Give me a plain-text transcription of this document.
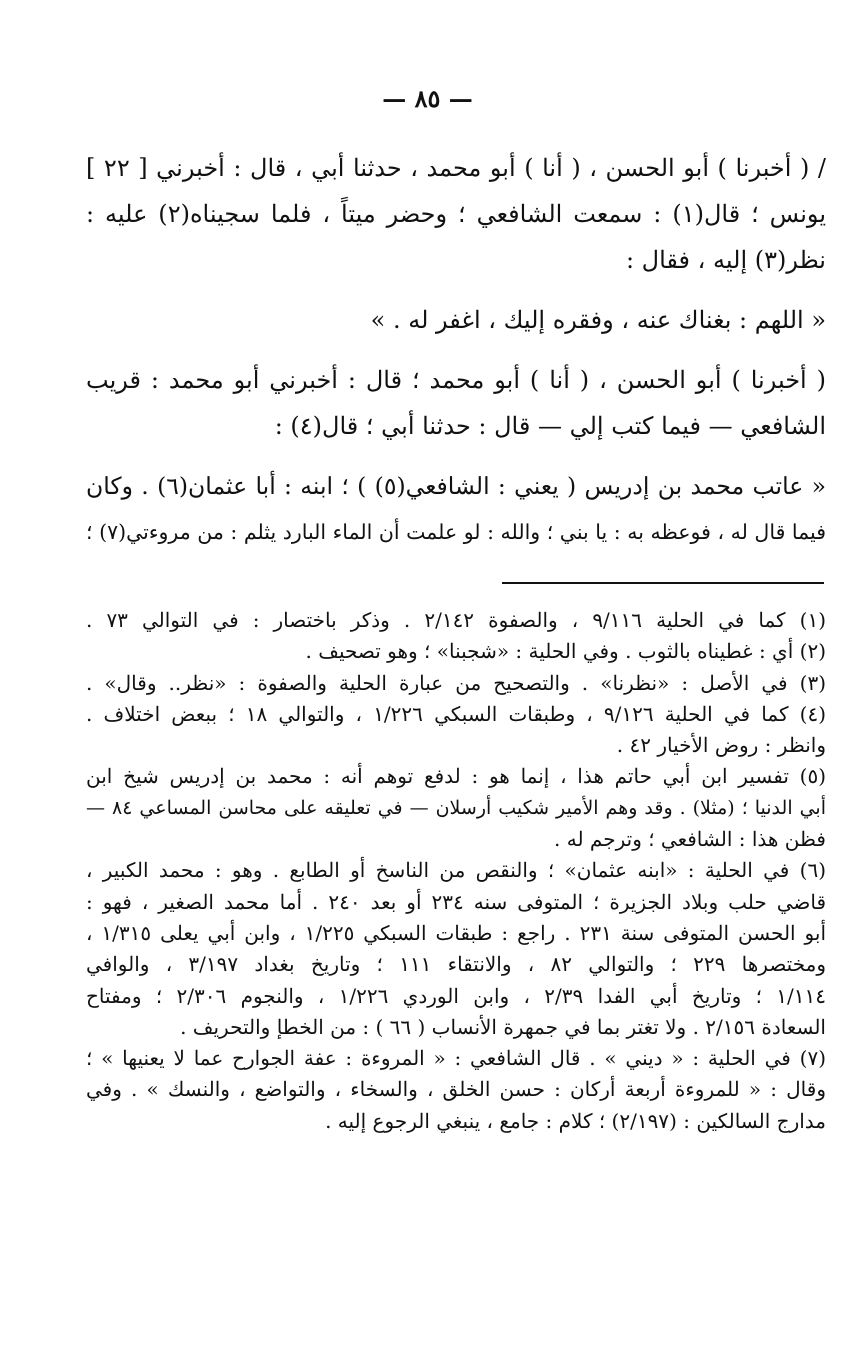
— ٨٥ —
/ ( أخبرنا ) أبو الحسن ، ( أنا ) أبو محمد ، حدثنا أبي ، قال : أخبرني [ ٢٢ ]
يونس ؛ قال(١) : سمعت الشافعي ؛ وحضر ميتاً ، فلما سجيناه(٢) عليه :
نظر(٣) إليه ، فقال :
« اللهم : بغناك عنه ، وفقره إليك ، اغفر له . »
( أخبرنا ) أبو الحسن ، ( أنا ) أبو محمد ؛ قال : أخبرني أبو محمد : قريب
الشافعي — فيما كتب إلي — قال : حدثنا أبي ؛ قال(٤) :
« عاتب محمد بن إدريس ( يعني : الشافعي(٥) ) ؛ ابنه : أبا عثمان(٦) . وكان
فيما قال له ، فوعظه به : يا بني ؛ والله : لو علمت أن الماء البارد يثلم : من مروءتي(٧) ؛
(١) كما في الحلية ٩/١١٦ ، والصفوة ٢/١٤٢ . وذكر باختصار : في التوالي ٧٣ .
(٢) أي : غطيناه بالثوب . وفي الحلية : «شجبنا» ؛ وهو تصحيف .
(٣) في الأصل : «نظرنا» . والتصحيح من عبارة الحلية والصفوة : «نظر.. وقال» .
(٤) كما في الحلية ٩/١٢٦ ، وطبقات السبكي ١/٢٢٦ ، والتوالي ١٨ ؛ ببعض اختلاف .
وانظر : روض الأخيار ٤٢ .
(٥) تفسير ابن أبي حاتم هذا ، إنما هو : لدفع توهم أنه : محمد بن إدريس شيخ ابن
أبي الدنيا ؛ (مثلا) . وقد وهم الأمير شكيب أرسلان — في تعليقه على محاسن المساعي ٨٤ —
فظن هذا : الشافعي ؛ وترجم له .
(٦) في الحلية : «ابنه عثمان» ؛ والنقص من الناسخ أو الطابع . وهو : محمد الكبير ،
قاضي حلب وبلاد الجزيرة ؛ المتوفى سنه ٢٣٤ أو بعد ٢٤٠ . أما محمد الصغير ، فهو :
أبو الحسن المتوفى سنة ٢٣١ . راجع : طبقات السبكي ١/٢٢٥ ، وابن أبي يعلى ١/٣١٥ ،
ومختصرها ٢٢٩ ؛ والتوالي ٨٢ ، والانتقاء ١١١ ؛ وتاريخ بغداد ٣/١٩٧ ، والوافي
١/١١٤ ؛ وتاريخ أبي الفدا ٢/٣٩ ، وابن الوردي ١/٢٢٦ ، والنجوم ٢/٣٠٦ ؛ ومفتاح
السعادة ٢/١٥٦ . ولا تغتر بما في جمهرة الأنساب ( ٦٦ ) : من الخطإ والتحريف .
(٧) في الحلية : « ديني » . قال الشافعي : « المروءة : عفة الجوارح عما لا يعنيها » ؛
وقال : « للمروءة أربعة أركان : حسن الخلق ، والسخاء ، والتواضع ، والنسك » . وفي
مدارج السالكين : (٢/١٩٧) ؛ كلام : جامع ، ينبغي الرجوع إليه .
